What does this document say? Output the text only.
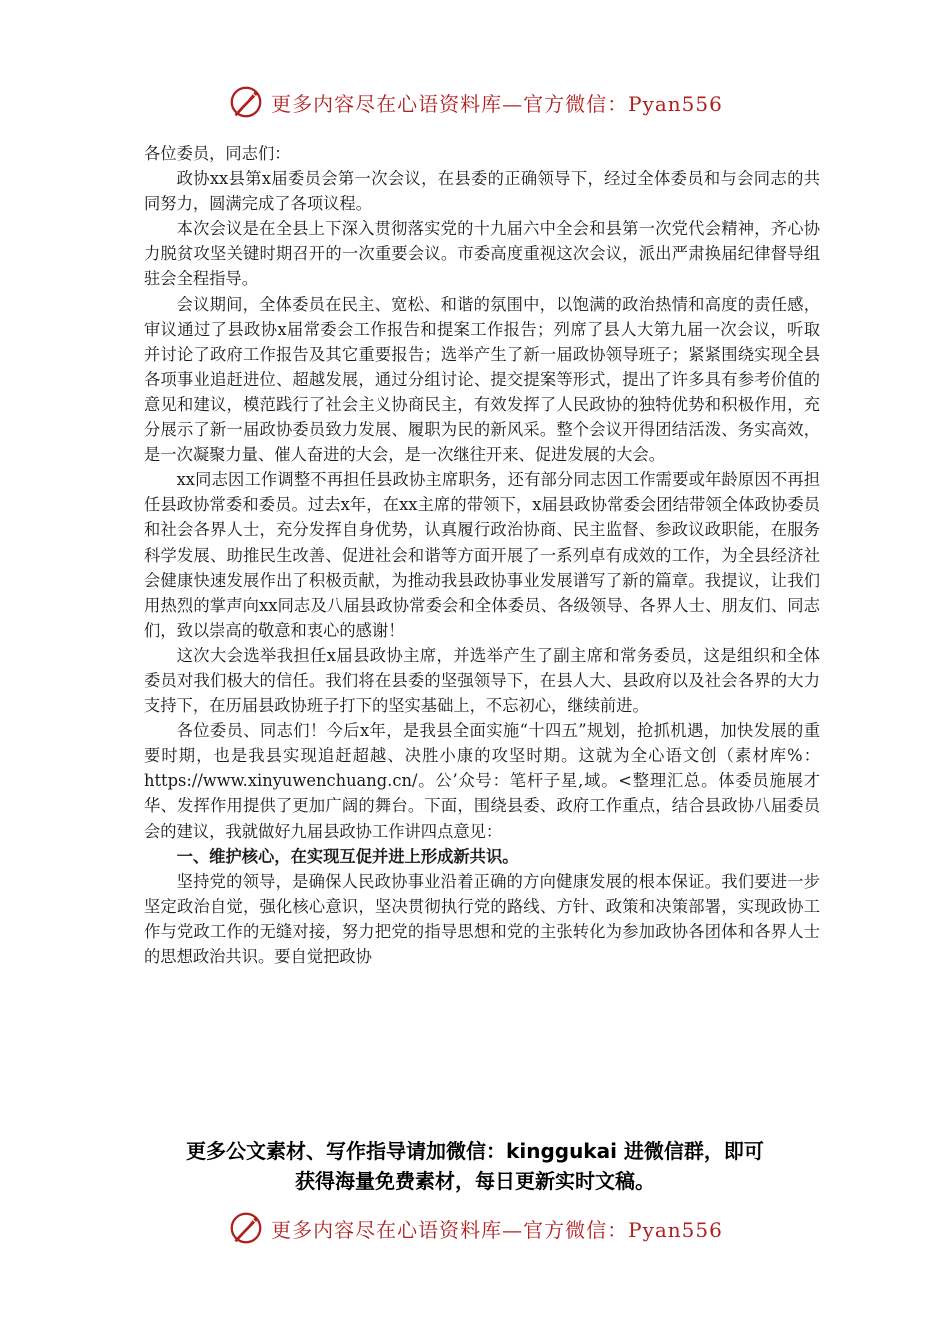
更多内容尽在心语资料库—官方微信：Pyan556

各位委员，同志们：

政协xx县第x届委员会第一次会议，在县委的正确领导下，经过全体委员和与会同志的共同努力，圆满完成了各项议程。

本次会议是在全县上下深入贯彻落实党的十九届六中全会和县第一次党代会精神，齐心协力脱贫攻坚关键时期召开的一次重要会议。市委高度重视这次会议，派出严肃换届纪律督导组驻会全程指导。

会议期间，全体委员在民主、宽松、和谐的氛围中，以饱满的政治热情和高度的责任感，审议通过了县政协x届常委会工作报告和提案工作报告；列席了县人大第九届一次会议，听取并讨论了政府工作报告及其它重要报告；选举产生了新一届政协领导班子；紧紧围绕实现全县各项事业追赶进位、超越发展，通过分组讨论、提交提案等形式，提出了许多具有参考价值的意见和建议，模范践行了社会主义协商民主，有效发挥了人民政协的独特优势和积极作用，充分展示了新一届政协委员致力发展、履职为民的新风采。整个会议开得团结活泼、务实高效，是一次凝聚力量、催人奋进的大会，是一次继往开来、促进发展的大会。

xx同志因工作调整不再担任县政协主席职务，还有部分同志因工作需要或年龄原因不再担任县政协常委和委员。过去x年，在xx主席的带领下，x届县政协常委会团结带领全体政协委员和社会各界人士，充分发挥自身优势，认真履行政治协商、民主监督、参政议政职能，在服务科学发展、助推民生改善、促进社会和谐等方面开展了一系列卓有成效的工作，为全县经济社会健康快速发展作出了积极贡献，为推动我县政协事业发展谱写了新的篇章。我提议，让我们用热烈的掌声向xx同志及八届县政协常委会和全体委员、各级领导、各界人士、朋友们、同志们，致以崇高的敬意和衷心的感谢！

这次大会选举我担任x届县政协主席，并选举产生了副主席和常务委员，这是组织和全体委员对我们极大的信任。我们将在县委的坚强领导下，在县人大、县政府以及社会各界的大力支持下，在历届县政协班子打下的坚实基础上，不忘初心，继续前进。

各位委员、同志们！今后x年，是我县全面实施“十四五”规划，抢抓机遇，加快发展的重要时期，也是我县实现追赶超越、决胜小康的攻坚时期。这就为全心语文创（素材库%：https://www.xinyuwenchuang.cn/。公’众号：笔杆子星,域。<整理汇总。体委员施展才华、发挥作用提供了更加广阔的舞台。下面，围绕县委、政府工作重点，结合县政协八届委员会的建议，我就做好九届县政协工作讲四点意见：

一、维护核心，在实现互促并进上形成新共识。

坚持党的领导，是确保人民政协事业沿着正确的方向健康发展的根本保证。我们要进一步坚定政治自觉，强化核心意识，坚决贯彻执行党的路线、方针、政策和决策部署，实现政协工作与党政工作的无缝对接，努力把党的指导思想和党的主张转化为参加政协各团体和各界人士的思想政治共识。要自觉把政协

更多公文素材、写作指导请加微信：kinggukai 进微信群，即可
获得海量免费素材，每日更新实时文稿。
更多内容尽在心语资料库—官方微信：Pyan556
